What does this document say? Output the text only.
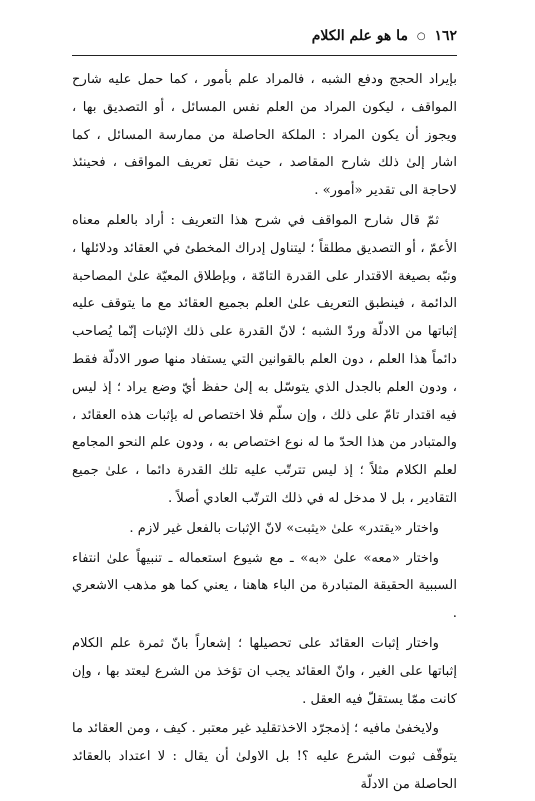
١٦٢ ○ ما هو علم الكلام

بإيراد الحجج ودفع الشبه ، فالمراد علم بأمور ، كما حمل عليه شارح المواقف ، ليكون المراد من العلم نفس المسائل ، أو التصديق بها ، ويجوز أن يكون المراد : الملكة الحاصلة من ممارسة المسائل ، كما اشار إلىٰ ذلك شارح المقاصد ، حيث نقل تعريف المواقف ، فحينئذ لاحاجة الى تقدير «أمور» .

ثمّ قال شارح المواقف في شرح هذا التعريف : أراد بالعلم معناه الأعمّ ، أو التصديق مطلقاً ؛ ليتناول إدراك المخطئ في العقائد ودلائلها ، ونبّه بصيغة الاقتدار على القدرة التامّة ، وبإطلاق المعيّة علىٰ المصاحبة الدائمة ، فينطبق التعريف علىٰ العلم بجميع العقائد مع ما يتوقف عليه إثباتها من الادلّة وردّ الشبه ؛ لانّ القدرة على ذلك الإثبات إنّما يُصاحب دائماً هذا العلم ، دون العلم بالقوانين التي يستفاد منها صور الادلّة فقط ، ودون العلم بالجدل الذي يتوسّل به إلىٰ حفظ أيّ وضع يراد ؛ إذ ليس فيه اقتدار تامّ على ذلك ، وإن سلّم فلا اختصاص له بإثبات هذه العقائد ، والمتبادر من هذا الحدّ ما له نوع اختصاص به ، ودون علم النحو المجامع لعلم الكلام مثلاً ؛ إذ ليس تترتّب عليه تلك القدرة دائما ، علىٰ جميع التقادير ، بل لا مدخل له في ذلك الترتّب العادي أصلاً .

واختار «يقتدر» علىٰ «يثبت» لانّ الإثبات بالفعل غير لازم .

واختار «معه» علىٰ «به» ـ مع شيوع استعماله ـ تنبيهاً علىٰ انتفاء السببية الحقيقة المتبادرة من الباء هاهنا ، يعني كما هو مذهب الاشعري .

واختار إثبات العقائد على تحصيلها ؛ إشعاراً بانّ ثمرة علم الكلام إثباتها على الغير ، وانّ العقائد يجب ان تؤخذ من الشرع ليعتد بها ، وإن كانت ممّا يستقلّ فيه العقل .

ولايخفىٰ مافيه ؛ إذمجرّد الاخذتقليد غير معتبر . كيف ، ومن العقائد ما يتوقّف ثبوت الشرع عليه ؟! بل الاولىٰ أن يقال : لا اعتداد بالعقائد الحاصلة من الادلّة
